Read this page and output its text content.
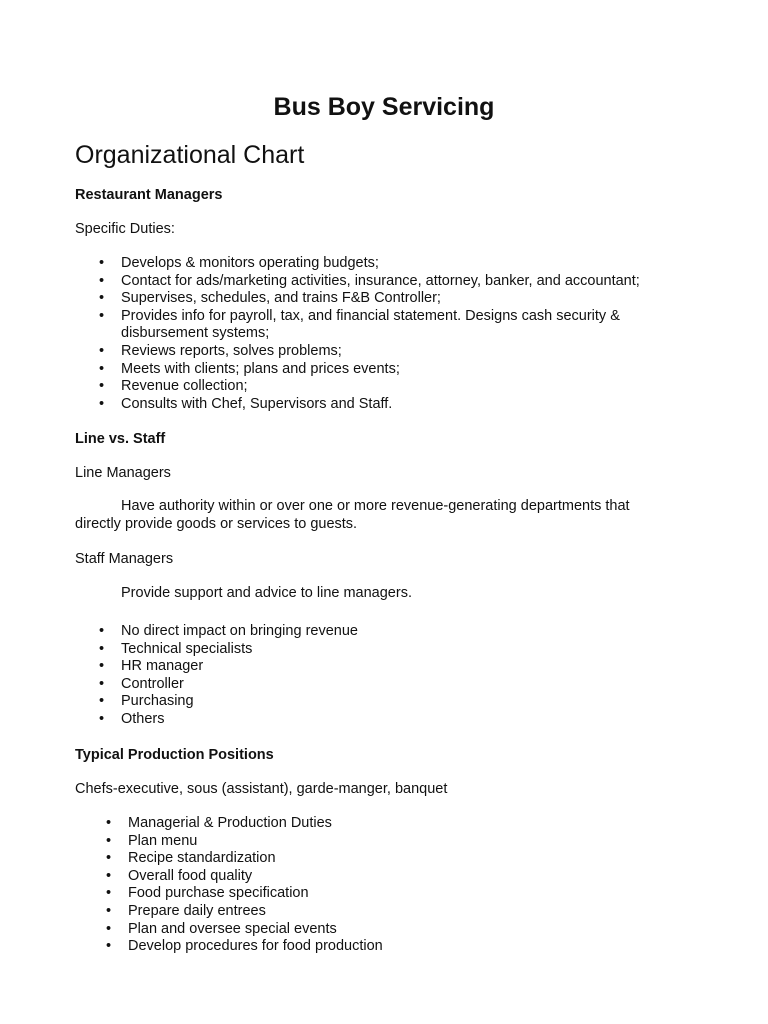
Bus Boy Servicing
Organizational Chart

Restaurant Managers

Specific Duties:

• Develops & monitors operating budgets;
• Contact for ads/marketing activities, insurance, attorney, banker, and accountant;
• Supervises, schedules, and trains F&B Controller;
• Provides info for payroll, tax, and financial statement. Designs cash security & disbursement systems;
• Reviews reports, solves problems;
• Meets with clients; plans and prices events;
• Revenue collection;
• Consults with Chef, Supervisors and Staff.

Line vs. Staff

Line Managers

Have authority within or over one or more revenue-generating departments that directly provide goods or services to guests.

Staff Managers

Provide support and advice to line managers.

• No direct impact on bringing revenue
• Technical specialists
• HR manager
• Controller
• Purchasing
• Others

Typical Production Positions

Chefs-executive, sous (assistant), garde-manger, banquet

• Managerial & Production Duties
• Plan menu
• Recipe standardization
• Overall food quality
• Food purchase specification
• Prepare daily entrees
• Plan and oversee special events
• Develop procedures for food production
